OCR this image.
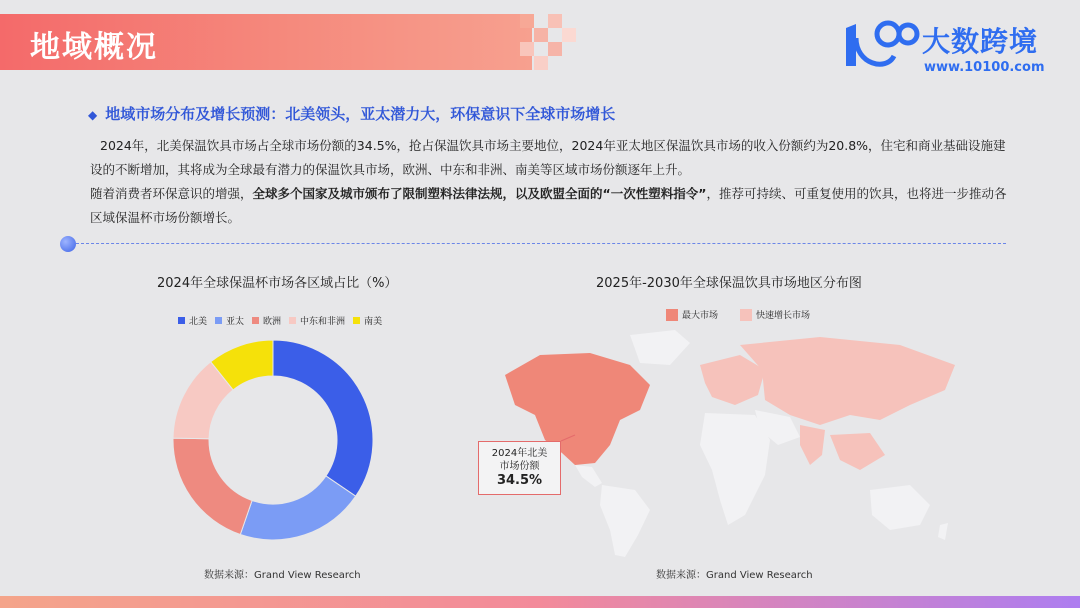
地域概况	大数跨境
www.10100.com
◆ 地域市场分布及增长预测：北美领头，亚太潜力大，环保意识下全球市场增长
2024年，北美保温饮具市场占全球市场份额的34.5%，抢占保温饮具市场主要地位，2024年亚太地区保温饮具市场的收入份额约为20.8%，住宅和商业基础设施建设的不断增加，其将成为全球最有潜力的保温饮具市场，欧洲、中东和非洲、南美等区域市场份额逐年上升。
随着消费者环保意识的增强，全球多个国家及城市颁布了限制塑料法律法规，以及欧盟全面的“一次性塑料指令”，推荐可持续、可重复使用的饮具，也将进一步推动各区域保温杯市场份额增长。
2024年全球保温杯市场各区域占比（%）
北美 亚太 欧洲 中东和非洲 南美
数据来源：Grand View Research
2025年-2030年全球保温饮具市场地区分布图
最大市场	快速增长市场
2024年北美
市场份额
34.5%
数据来源：Grand View Research
